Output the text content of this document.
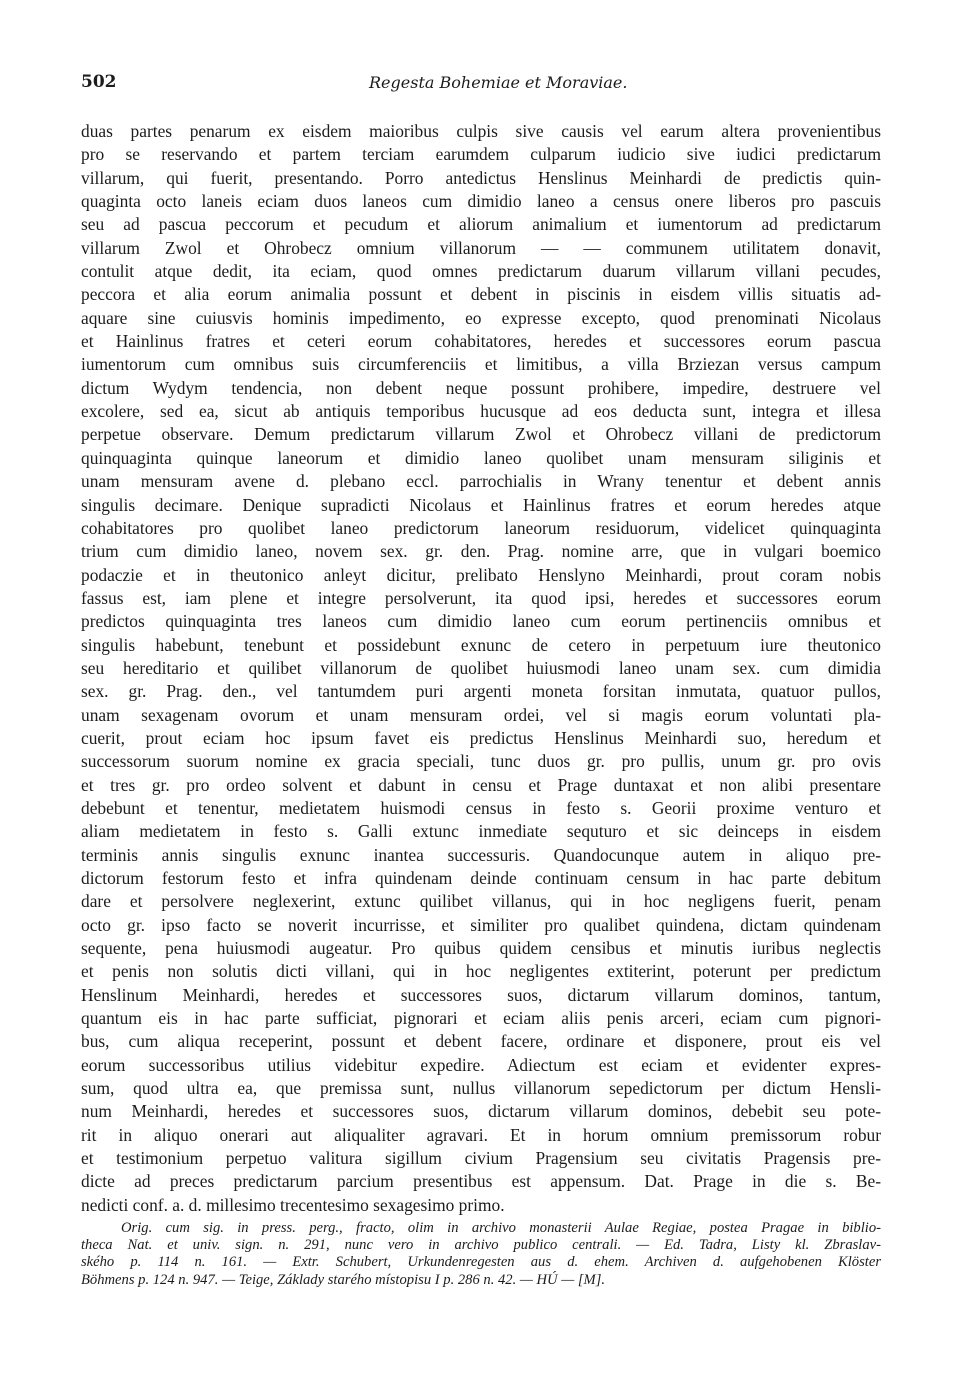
502	Regesta Bohemiae et Moraviae.
duas partes penarum ex eisdem maioribus culpis sive causis vel earum altera provenientibus
pro se reservando et partem terciam earumdem culparum iudicio sive iudici predictarum
villarum, qui fuerit, presentando. Porro antedictus Henslinus Meinhardi de predictis quin-
quaginta octo laneis eciam duos laneos cum dimidio laneo a census onere liberos pro pascuis
seu ad pascua peccorum et pecudum et aliorum animalium et iumentorum ad predictarum
villarum Zwol et Ohrobecz omnium villanorum — — communem utilitatem donavit,
contulit atque dedit, ita eciam, quod omnes predictarum duarum villarum villani pecudes,
peccora et alia eorum animalia possunt et debent in piscinis in eisdem villis situatis ad-
aquare sine cuiusvis hominis impedimento, eo expresse excepto, quod prenominati Nicolaus
et Hainlinus fratres et ceteri eorum cohabitatores, heredes et successores eorum pascua
iumentorum cum omnibus suis circumferenciis et limitibus, a villa Brziezan versus campum
dictum Wydym tendencia, non debent neque possunt prohibere, impedire, destruere vel
excolere, sed ea, sicut ab antiquis temporibus hucusque ad eos deducta sunt, integra et illesa
perpetue observare. Demum predictarum villarum Zwol et Ohrobecz villani de predictorum
quinquaginta quinque laneorum et dimidio laneo quolibet unam mensuram siliginis et
unam mensuram avene d. plebano eccl. parrochialis in Wrany tenentur et debent annis
singulis decimare. Denique supradicti Nicolaus et Hainlinus fratres et eorum heredes atque
cohabitatores pro quolibet laneo predictorum laneorum residuorum, videlicet quinquaginta
trium cum dimidio laneo, novem sex. gr. den. Prag. nomine arre, que in vulgari boemico
podaczie et in theutonico anleyt dicitur, prelibato Henslyno Meinhardi, prout coram nobis
fassus est, iam plene et integre persolverunt, ita quod ipsi, heredes et successores eorum
predictos quinquaginta tres laneos cum dimidio laneo cum eorum pertinenciis omnibus et
singulis habebunt, tenebunt et possidebunt exnunc de cetero in perpetuum iure theutonico
seu hereditario et quilibet villanorum de quolibet huiusmodi laneo unam sex. cum dimidia
sex. gr. Prag. den., vel tantumdem puri argenti moneta forsitan inmutata, quatuor pullos,
unam sexagenam ovorum et unam mensuram ordei, vel si magis eorum voluntati pla-
cuerit, prout eciam hoc ipsum favet eis predictus Henslinus Meinhardi suo, heredum et
successorum suorum nomine ex gracia speciali, tunc duos gr. pro pullis, unum gr. pro ovis
et tres gr. pro ordeo solvent et dabunt in censu et Prage duntaxat et non alibi presentare
debebunt et tenentur, medietatem huismodi census in festo s. Georii proxime venturo et
aliam medietatem in festo s. Galli extunc inmediate sequturo et sic deinceps in eisdem
terminis annis singulis exnunc inantea successuris. Quandocunque autem in aliquo pre-
dictorum festorum festo et infra quindenam deinde continuam censum in hac parte debitum
dare et persolvere neglexerint, extunc quilibet villanus, qui in hoc negligens fuerit, penam
octo gr. ipso facto se noverit incurrisse, et similiter pro qualibet quindena, dictam quindenam
sequente, pena huiusmodi augeatur. Pro quibus quidem censibus et minutis iuribus neglectis
et penis non solutis dicti villani, qui in hoc negligentes extiterint, poterunt per predictum
Henslinum Meinhardi, heredes et successores suos, dictarum villarum dominos, tantum,
quantum eis in hac parte sufficiat, pignorari et eciam aliis penis arceri, eciam cum pignori-
bus, cum aliqua receperint, possunt et debent facere, ordinare et disponere, prout eis vel
eorum successoribus utilius videbitur expedire. Adiectum est eciam et evidenter expres-
sum, quod ultra ea, que premissa sunt, nullus villanorum sepedictorum per dictum Hensli-
num Meinhardi, heredes et successores suos, dictarum villarum dominos, debebit seu pote-
rit in aliquo onerari aut aliqualiter agravari. Et in horum omnium premissorum robur
et testimonium perpetuo valitura sigillum civium Pragensium seu civitatis Pragensis pre-
dicte ad preces predictarum parcium presentibus est appensum. Dat. Prage in die s. Be-
nedicti conf. a. d. millesimo trecentesimo sexagesimo primo.
Orig. cum sig. in press. perg., fracto, olim in archivo monasterii Aulae Regiae, postea Pragae in biblio-
theca Nat. et univ. sign. n. 291, nunc vero in archivo publico centrali. — Ed. Tadra, Listy kl. Zbraslav-
ského p. 114 n. 161. — Extr. Schubert, Urkundenregesten aus d. ehem. Archiven d. aufgehobenen Klöster
Böhmens p. 124 n. 947. — Teige, Základy starého místopisu I p. 286 n. 42. — HÚ — [M].
